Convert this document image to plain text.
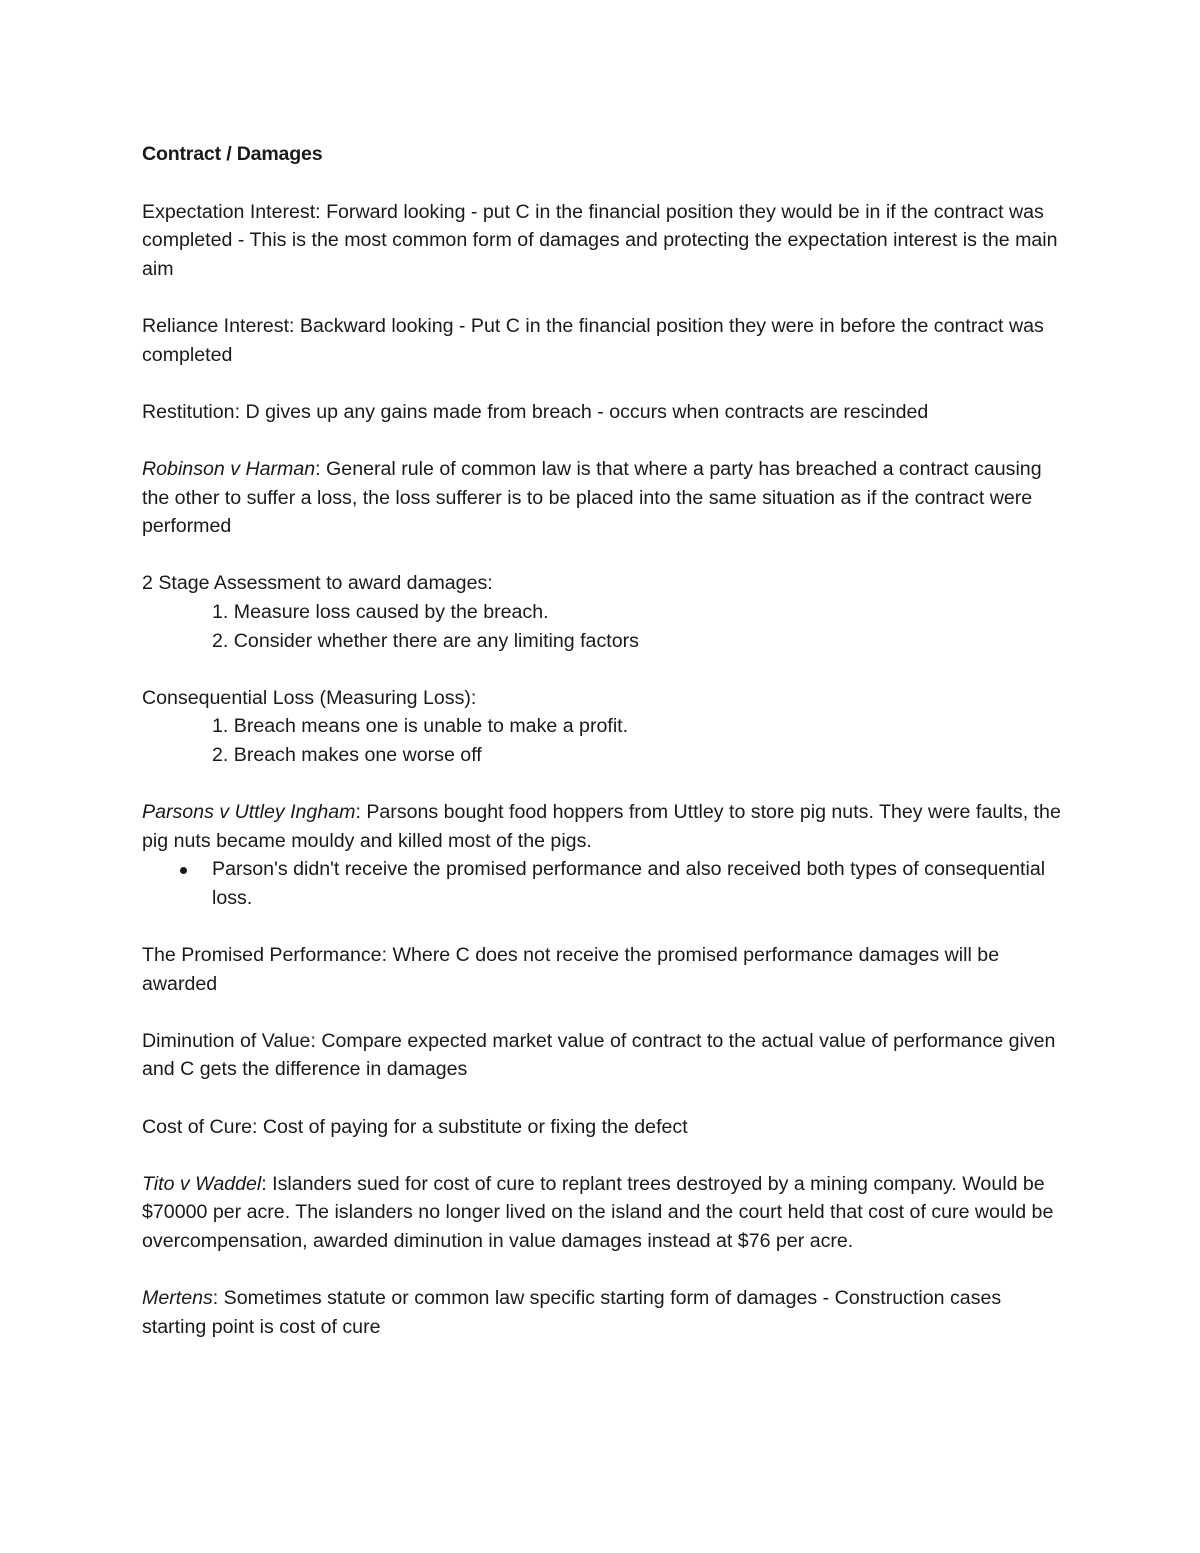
Contract / Damages

Expectation Interest: Forward looking - put C in the financial position they would be in if the contract was completed - This is the most common form of damages and protecting the expectation interest is the main aim

Reliance Interest: Backward looking - Put C in the financial position they were in before the contract was completed

Restitution: D gives up any gains made from breach - occurs when contracts are rescinded

Robinson v Harman: General rule of common law is that where a party has breached a contract causing the other to suffer a loss, the loss sufferer is to be placed into the same situation as if the contract were performed

2 Stage Assessment to award damages:
1. Measure loss caused by the breach.
2. Consider whether there are any limiting factors
Consequential Loss (Measuring Loss):
1. Breach means one is unable to make a profit.
2. Breach makes one worse off
Parsons v Uttley Ingham: Parsons bought food hoppers from Uttley to store pig nuts. They were faults, the pig nuts became mouldy and killed most of the pigs.
Parson's didn't receive the promised performance and also received both types of consequential loss.

The Promised Performance: Where C does not receive the promised performance damages will be awarded

Diminution of Value: Compare expected market value of contract to the actual value of performance given and C gets the difference in damages

Cost of Cure: Cost of paying for a substitute or fixing the defect

Tito v Waddel: Islanders sued for cost of cure to replant trees destroyed by a mining company. Would be $70000 per acre. The islanders no longer lived on the island and the court held that cost of cure would be overcompensation, awarded diminution in value damages instead at $76 per acre.

Mertens: Sometimes statute or common law specific starting form of damages - Construction cases starting point is cost of cure
